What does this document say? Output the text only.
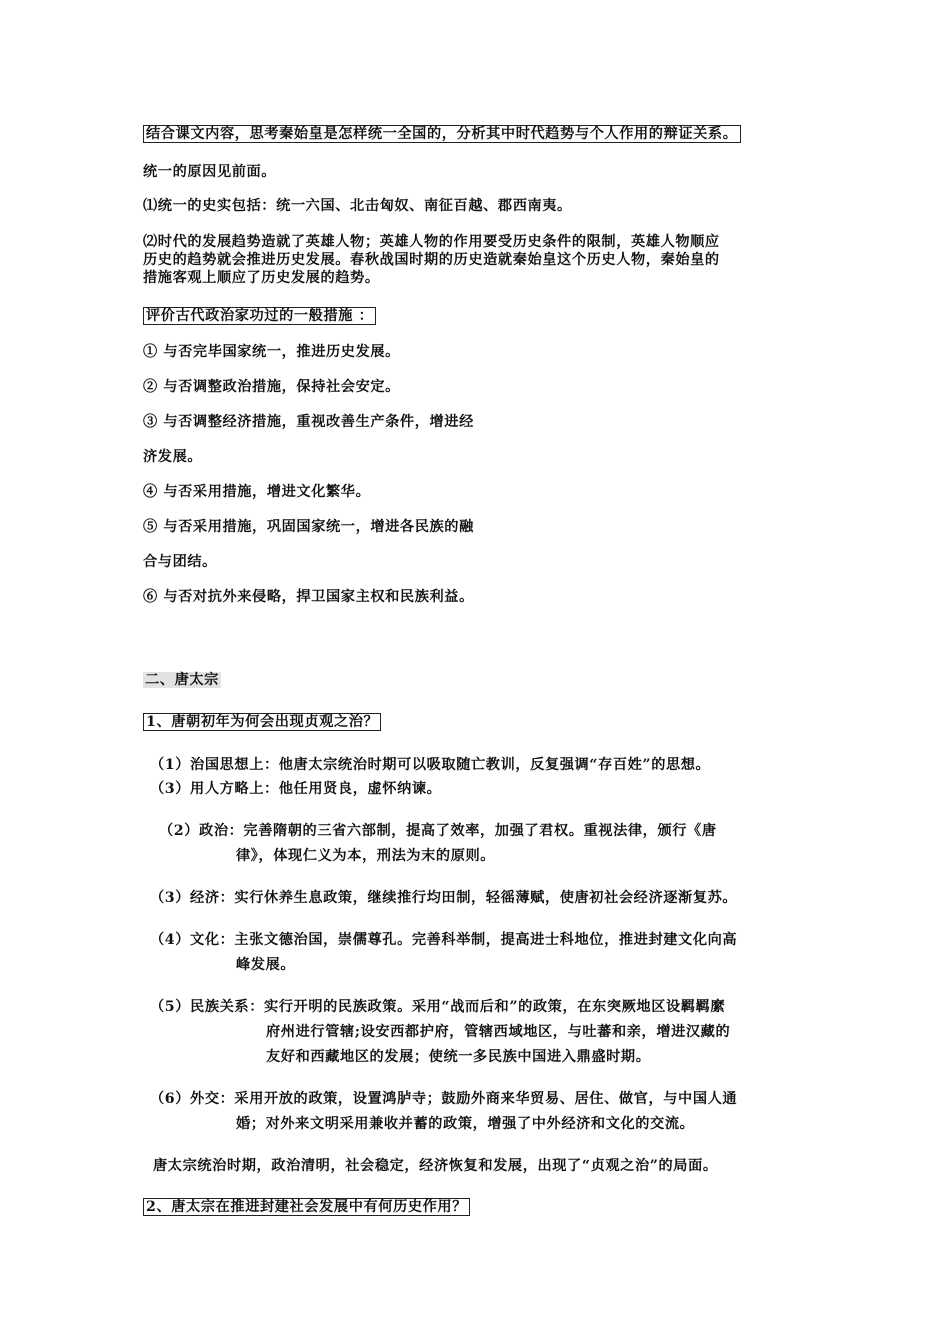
结合课文内容，思考秦始皇是怎样统一全国的，分析其中时代趋势与个人作用的辩证关系。
统一的原因见前面。
⑴统一的史实包括：统一六国、北击匈奴、南征百越、郡西南夷。
⑵时代的发展趋势造就了英雄人物；英雄人物的作用要受历史条件的限制，英雄人物顺应
历史的趋势就会推进历史发展。春秋战国时期的历史造就秦始皇这个历史人物，秦始皇的
措施客观上顺应了历史发展的趋势。
评价古代政治家功过的一般措施 ：
① 与否完毕国家统一，推进历史发展。
② 与否调整政治措施，保持社会安定。
③ 与否调整经济措施，重视改善生产条件，增进经
济发展。
④ 与否采用措施，增进文化繁华。
⑤ 与否采用措施，巩固国家统一，增进各民族的融
合与团结。
⑥ 与否对抗外来侵略，捍卫国家主权和民族利益。
二、唐太宗
1、唐朝初年为何会出现贞观之治？
（1）治国思想上：他唐太宗统治时期可以吸取随亡教训，反复强调“存百姓”的思想。
（3）用人方略上：他任用贤良，虚怀纳谏。
（2）政治：完善隋朝的三省六部制，提高了效率，加强了君权。重视法律，颁行《唐
律》，体现仁义为本，刑法为末的原则。
（3）经济：实行休养生息政策，继续推行均田制，轻徭薄赋，使唐初社会经济逐渐复苏。
（4）文化：主张文德治国，崇儒尊孔。完善科举制，提高进士科地位，推进封建文化向高
峰发展。
（5）民族关系：实行开明的民族政策。采用“战而后和”的政策，在东突厥地区设羁羁縻
府州进行管辖;设安西都护府，管辖西域地区，与吐蕃和亲，增进汉藏的
友好和西藏地区的发展；使统一多民族中国进入鼎盛时期。
（6）外交：采用开放的政策，设置鸿胪寺；鼓励外商来华贸易、居住、做官，与中国人通
婚；对外来文明采用兼收并蓄的政策，增强了中外经济和文化的交流。
唐太宗统治时期，政治清明，社会稳定，经济恢复和发展，出现了“贞观之治”的局面。
2、唐太宗在推进封建社会发展中有何历史作用？
